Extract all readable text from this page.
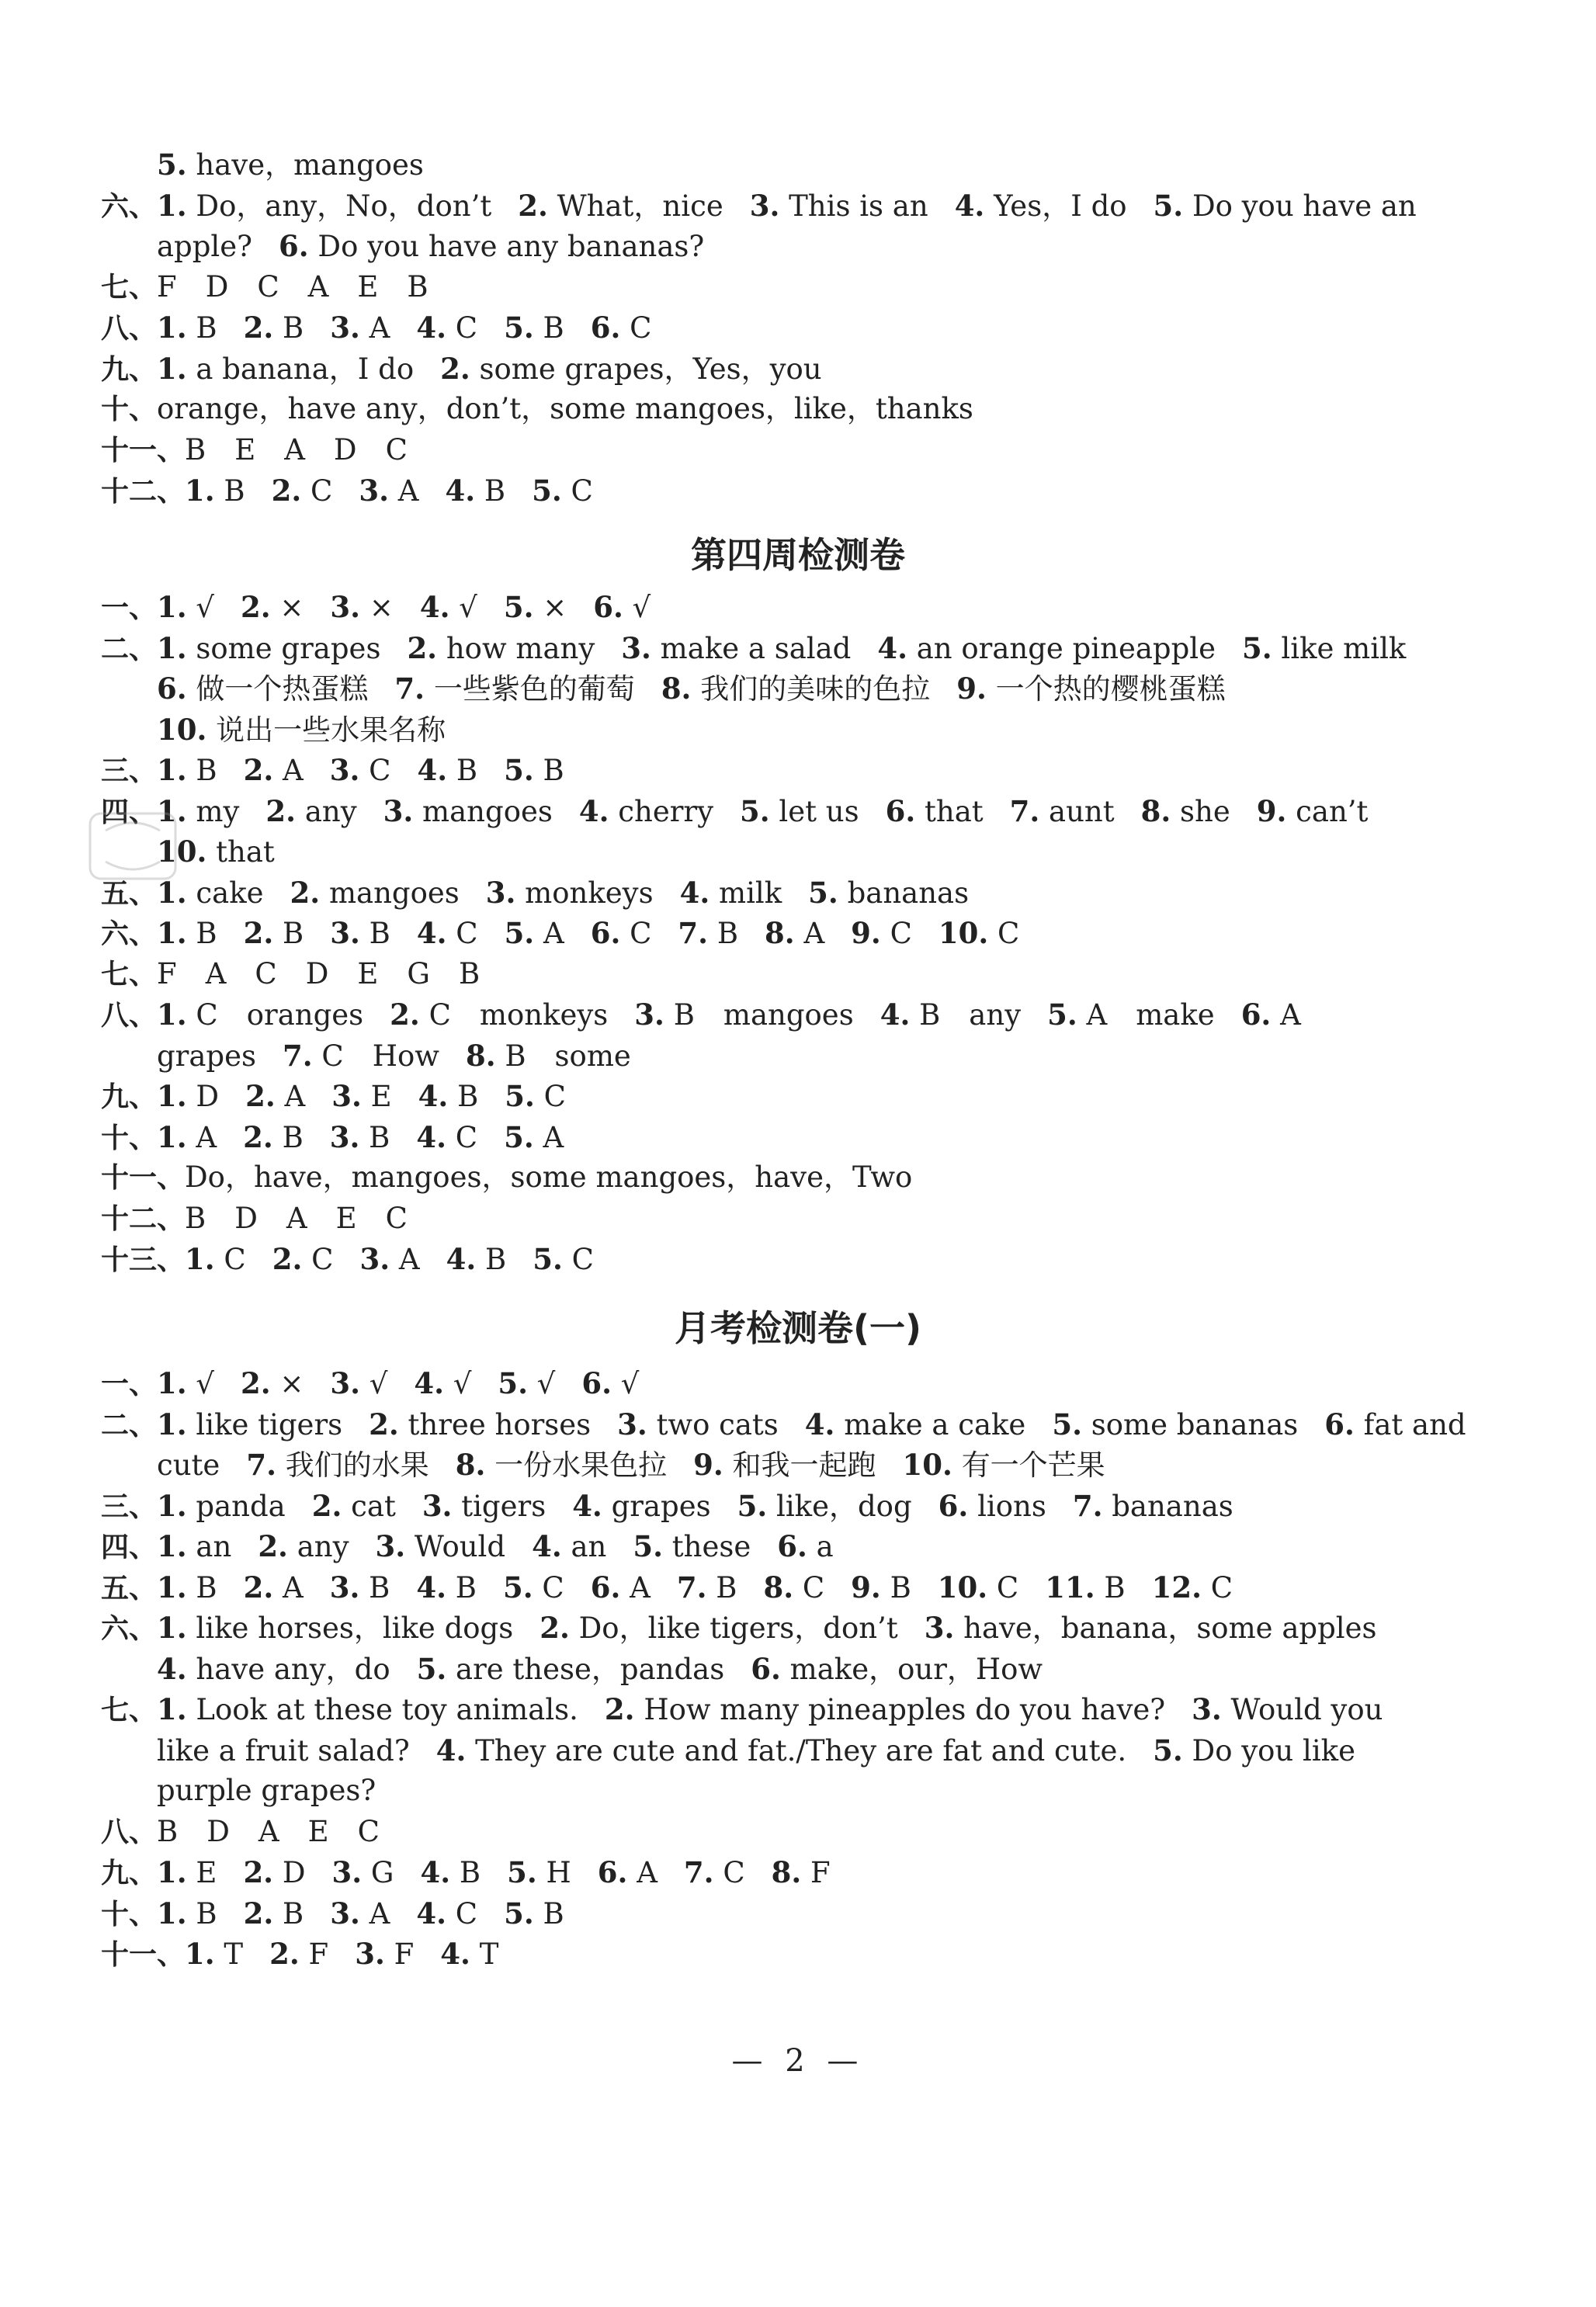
5. have，mangoes
六、1. Do，any，No，don’t 2. What，nice 3. This is an 4. Yes，I do 5. Do you have an
apple? 6. Do you have any bananas?
七、F　D　C　A　E　B
八、1. B 2. B 3. A 4. C 5. B 6. C
九、1. a banana，I do 2. some grapes，Yes，you
十、orange，have any，don’t，some mangoes，like，thanks
十一、B　E　A　D　C
十二、1. B 2. C 3. A 4. B 5. C
第四周检测卷
一、1. √ 2. × 3. × 4. √ 5. × 6. √
二、1. some grapes 2. how many 3. make a salad 4. an orange pineapple 5. like milk
6. 做一个热蛋糕 7. 一些紫色的葡萄 8. 我们的美味的色拉 9. 一个热的樱桃蛋糕
10. 说出一些水果名称
三、1. B 2. A 3. C 4. B 5. B
四、1. my 2. any 3. mangoes 4. cherry 5. let us 6. that 7. aunt 8. she 9. can’t
10. that
五、1. cake 2. mangoes 3. monkeys 4. milk 5. bananas
六、1. B 2. B 3. B 4. C 5. A 6. C 7. B 8. A 9. C 10. C
七、F　A　C　D　E　G　B
八、1. C　oranges 2. C　monkeys 3. B　mangoes 4. B　any 5. A　make 6. A
grapes 7. C　How 8. B　some
九、1. D 2. A 3. E 4. B 5. C
十、1. A 2. B 3. B 4. C 5. A
十一、Do，have，mangoes，some mangoes，have，Two
十二、B　D　A　E　C
十三、1. C 2. C 3. A 4. B 5. C
月考检测卷(一)
一、1. √ 2. × 3. √ 4. √ 5. √ 6. √
二、1. like tigers 2. three horses 3. two cats 4. make a cake 5. some bananas 6. fat and
cute 7. 我们的水果 8. 一份水果色拉 9. 和我一起跑 10. 有一个芒果
三、1. panda 2. cat 3. tigers 4. grapes 5. like，dog 6. lions 7. bananas
四、1. an 2. any 3. Would 4. an 5. these 6. a
五、1. B 2. A 3. B 4. B 5. C 6. A 7. B 8. C 9. B 10. C 11. B 12. C
六、1. like horses，like dogs 2. Do，like tigers，don’t 3. have，banana，some apples
4. have any，do 5. are these，pandas 6. make，our，How
七、1. Look at these toy animals. 2. How many pineapples do you have? 3. Would you
like a fruit salad? 4. They are cute and fat./They are fat and cute. 5. Do you like
purple grapes?
八、B　D　A　E　C
九、1. E 2. D 3. G 4. B 5. H 6. A 7. C 8. F
十、1. B 2. B 3. A 4. C 5. B
十一、1. T 2. F 3. F 4. T
— 2 —
